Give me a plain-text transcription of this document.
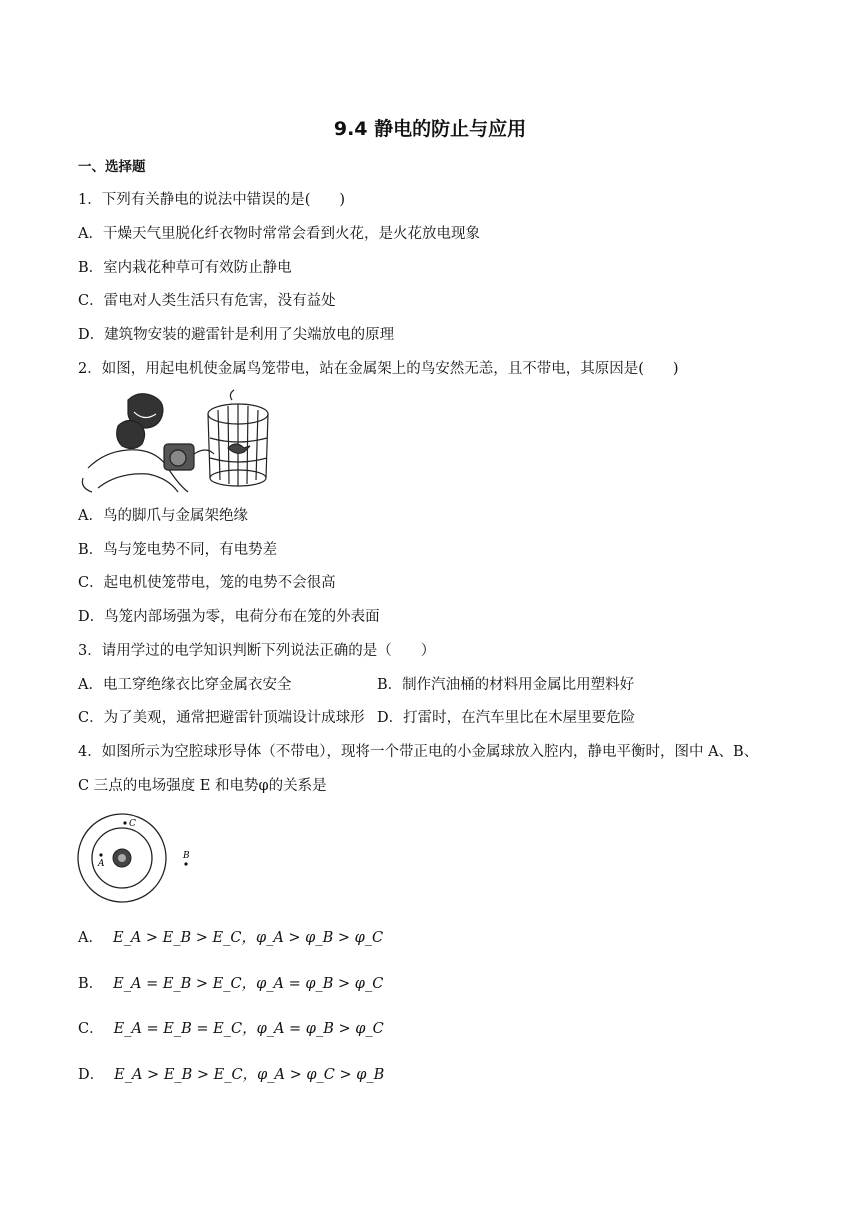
9.4 静电的防止与应用
一、选择题
1．下列有关静电的说法中错误的是(　　)
A．干燥天气里脱化纤衣物时常常会看到火花，是火花放电现象
B．室内栽花种草可有效防止静电
C．雷电对人类生活只有危害，没有益处
D．建筑物安装的避雷针是利用了尖端放电的原理
2．如图，用起电机使金属鸟笼带电，站在金属架上的鸟安然无恙，且不带电，其原因是(　　)
A．鸟的脚爪与金属架绝缘
B．鸟与笼电势不同，有电势差
C．起电机使笼带电，笼的电势不会很高
D．鸟笼内部场强为零，电荷分布在笼的外表面
3．请用学过的电学知识判断下列说法正确的是（　　）
A．电工穿绝缘衣比穿金属衣安全	B．制作汽油桶的材料用金属比用塑料好
C．为了美观，通常把避雷针顶端设计成球形 D．打雷时，在汽车里比在木屋里要危险
4．如图所示为空腔球形导体（不带电），现将一个带正电的小金属球放入腔内，静电平衡时，图中 A、B、
C 三点的电场强度 E 和电势φ的关系是
C
A
B
A． E_A > E_B > E_C，φ_A > φ_B > φ_C
B． E_A = E_B > E_C，φ_A = φ_B > φ_C
C． E_A = E_B = E_C，φ_A = φ_B > φ_C
D． E_A > E_B > E_C，φ_A > φ_C > φ_B
